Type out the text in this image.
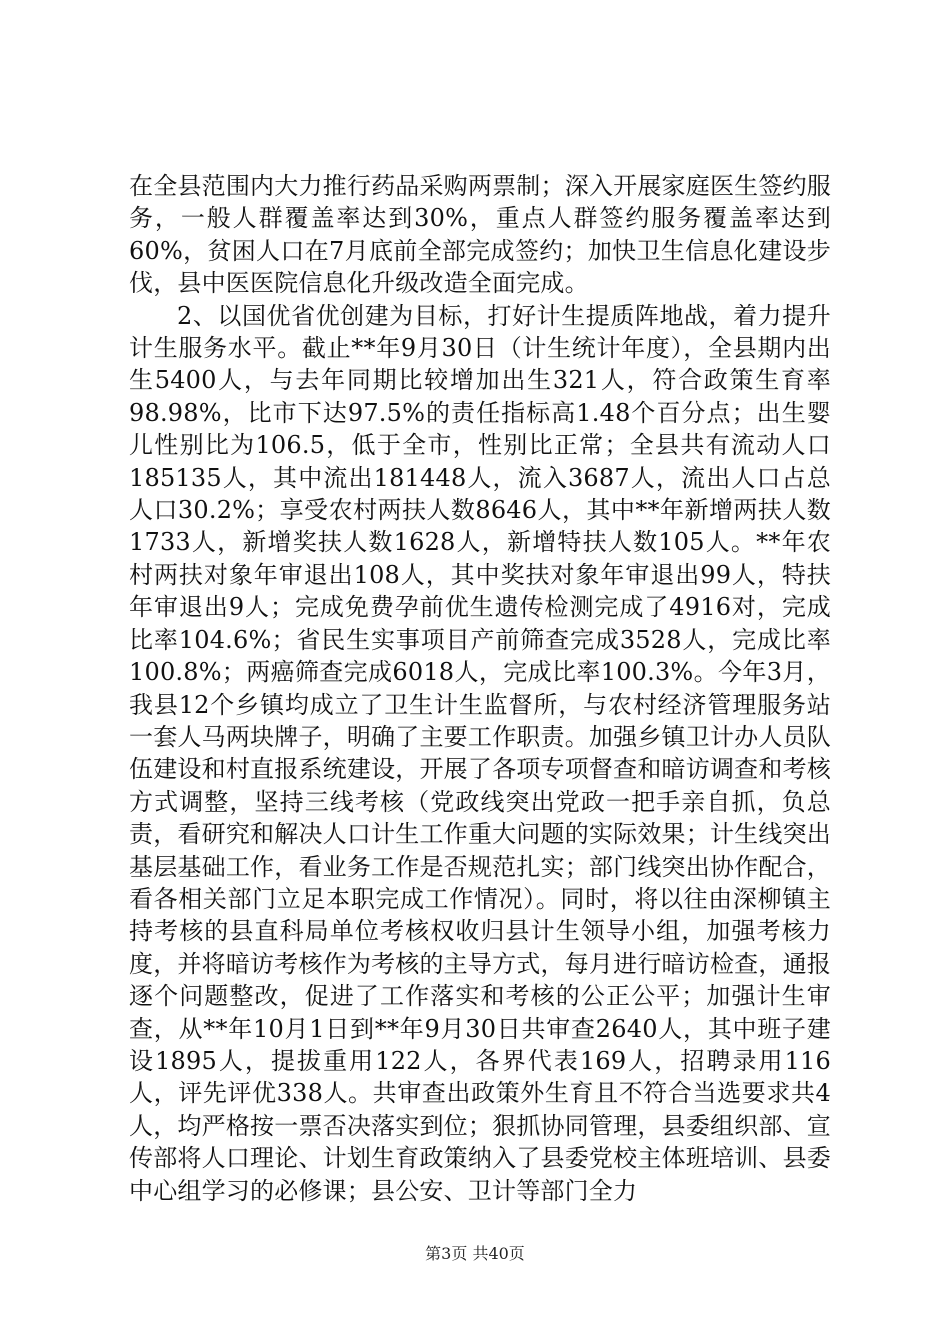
在全县范围内大力推行药品采购两票制；深入开展家庭医生签约服务，一般人群覆盖率达到30%，重点人群签约服务覆盖率达到60%，贫困人口在7月底前全部完成签约；加快卫生信息化建设步伐，县中医医院信息化升级改造全面完成。

2、以国优省优创建为目标，打好计生提质阵地战，着力提升计生服务水平。截止**年9月30日（计生统计年度），全县期内出生5400人，与去年同期比较增加出生321人，符合政策生育率98.98%，比市下达97.5%的责任指标高1.48个百分点；出生婴儿性别比为106.5，低于全市，性别比正常；全县共有流动人口185135人，其中流出181448人，流入3687人，流出人口占总人口30.2%；享受农村两扶人数8646人，其中**年新增两扶人数1733人，新增奖扶人数1628人，新增特扶人数105人。**年农村两扶对象年审退出108人，其中奖扶对象年审退出99人，特扶年审退出9人；完成免费孕前优生遗传检测完成了4916对，完成比率104.6%；省民生实事项目产前筛查完成3528人，完成比率100.8%；两癌筛查完成6018人，完成比率100.3%。今年3月，我县12个乡镇均成立了卫生计生监督所，与农村经济管理服务站一套人马两块牌子，明确了主要工作职责。加强乡镇卫计办人员队伍建设和村直报系统建设，开展了各项专项督查和暗访调查和考核方式调整，坚持三线考核（党政线突出党政一把手亲自抓，负总责，看研究和解决人口计生工作重大问题的实际效果；计生线突出基层基础工作，看业务工作是否规范扎实；部门线突出协作配合，看各相关部门立足本职完成工作情况）。同时，将以往由深柳镇主持考核的县直科局单位考核权收归县计生领导小组，加强考核力度，并将暗访考核作为考核的主导方式，每月进行暗访检查，通报逐个问题整改，促进了工作落实和考核的公正公平；加强计生审查，从**年10月1日到**年9月30日共审查2640人，其中班子建设1895人，提拔重用122人，各界代表169人，招聘录用116人，评先评优338人。共审查出政策外生育且不符合当选要求共4人，均严格按一票否决落实到位；狠抓协同管理，县委组织部、宣传部将人口理论、计划生育政策纳入了县委党校主体班培训、县委中心组学习的必修课；县公安、卫计等部门全力

第3页 共40页
